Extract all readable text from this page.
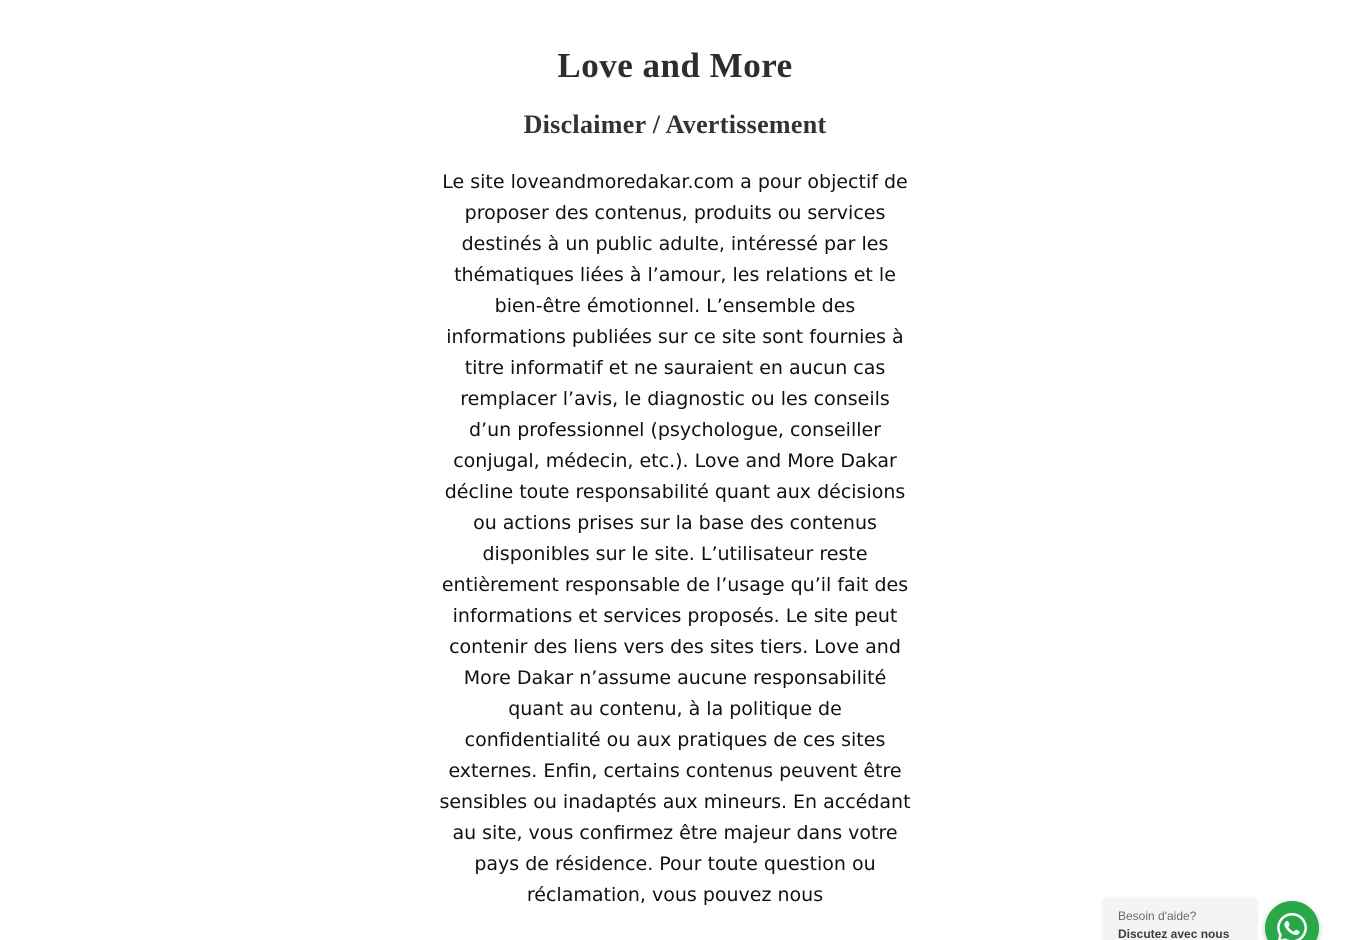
Love and More
Disclaimer / Avertissement

Le site loveandmoredakar.com a pour objectif de proposer des contenus, produits ou services destinés à un public adulte, intéressé par les thématiques liées à l’amour, les relations et le bien-être émotionnel. L’ensemble des informations publiées sur ce site sont fournies à titre informatif et ne sauraient en aucun cas remplacer l’avis, le diagnostic ou les conseils d’un professionnel (psychologue, conseiller conjugal, médecin, etc.). Love and More Dakar décline toute responsabilité quant aux décisions ou actions prises sur la base des contenus disponibles sur le site. L’utilisateur reste entièrement responsable de l’usage qu’il fait des informations et services proposés. Le site peut contenir des liens vers des sites tiers. Love and More Dakar n’assume aucune responsabilité quant au contenu, à la politique de confidentialité ou aux pratiques de ces sites externes. Enfin, certains contenus peuvent être sensibles ou inadaptés aux mineurs. En accédant au site, vous confirmez être majeur dans votre pays de résidence. Pour toute question ou réclamation, vous pouvez nous

Besoin d'aide? Discutez avec nous
